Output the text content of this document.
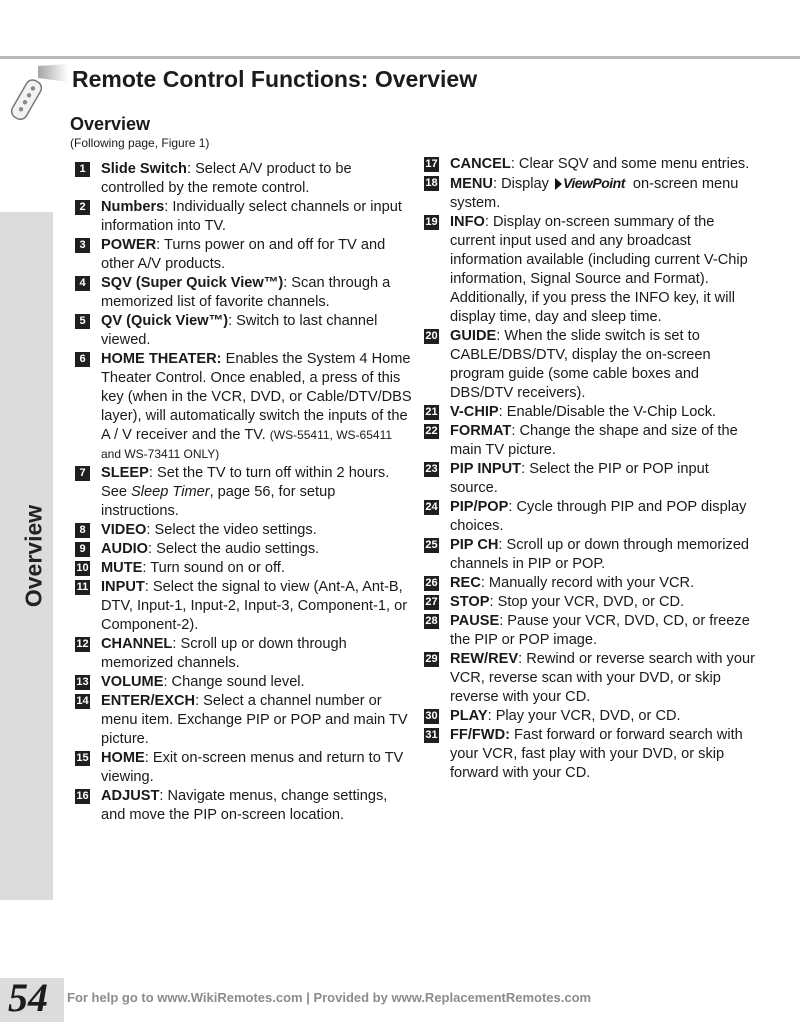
Remote Control Functions: Overview
Overview
Overview
(Following page, Figure 1)
1	Slide Switch: Select A/V product to be controlled by the remote control.
2	Numbers: Individually select channels or input information into TV.
3	POWER: Turns power on and off for TV and other A/V products.
4	SQV (Super Quick View™): Scan through a memorized list of favorite channels.
5	QV (Quick View™): Switch to last channel viewed.
6	HOME THEATER: Enables the System 4 Home Theater Control. Once enabled, a press of this key (when in the VCR, DVD, or Cable/DTV/DBS layer), will automatically switch the inputs of the A / V receiver and the TV. (WS-55411, WS-65411 and WS-73411 ONLY)
7	SLEEP: Set the TV to turn off within 2 hours. See Sleep Timer, page 56, for setup instructions.
8	VIDEO: Select the video settings.
9	AUDIO: Select the audio settings.
10 MUTE: Turn sound on or off.
11 INPUT: Select the signal to view (Ant-A, Ant-B, DTV, Input-1, Input-2, Input-3, Component-1, or Component-2).
12 CHANNEL: Scroll up or down through memorized channels.
13 VOLUME: Change sound level.
14 ENTER/EXCH: Select a channel number or menu item. Exchange PIP or POP and main TV picture.
15 HOME: Exit on-screen menus and return to TV viewing.
16 ADJUST: Navigate menus, change settings, and move the PIP on-screen location.
17 CANCEL: Clear SQV and some menu entries.
18 MENU: Display ViewPoint on-screen menu system.
19 INFO: Display on-screen summary of the current input used and any broadcast information available (including current V-Chip information, Signal Source and Format). Additionally, if you press the INFO key, it will display time, day and sleep time.
20 GUIDE: When the slide switch is set to CABLE/DBS/DTV, display the on-screen program guide (some cable boxes and DBS/DTV receivers).
21 V-CHIP: Enable/Disable the V-Chip Lock.
22 FORMAT: Change the shape and size of the main TV picture.
23 PIP INPUT: Select the PIP or POP input source.
24 PIP/POP: Cycle through PIP and POP display choices.
25 PIP CH: Scroll up or down through memorized channels in PIP or POP.
26 REC: Manually record with your VCR.
27 STOP: Stop your VCR, DVD, or CD.
28 PAUSE: Pause your VCR, DVD, CD, or freeze the PIP or POP image.
29 REW/REV: Rewind or reverse search with your VCR, reverse scan with your DVD, or skip reverse with your CD.
30 PLAY: Play your VCR, DVD, or CD.
31 FF/FWD: Fast forward or forward search with your VCR, fast play with your DVD, or skip forward with your CD.
54 For help go to www.WikiRemotes.com | Provided by www.ReplacementRemotes.com
